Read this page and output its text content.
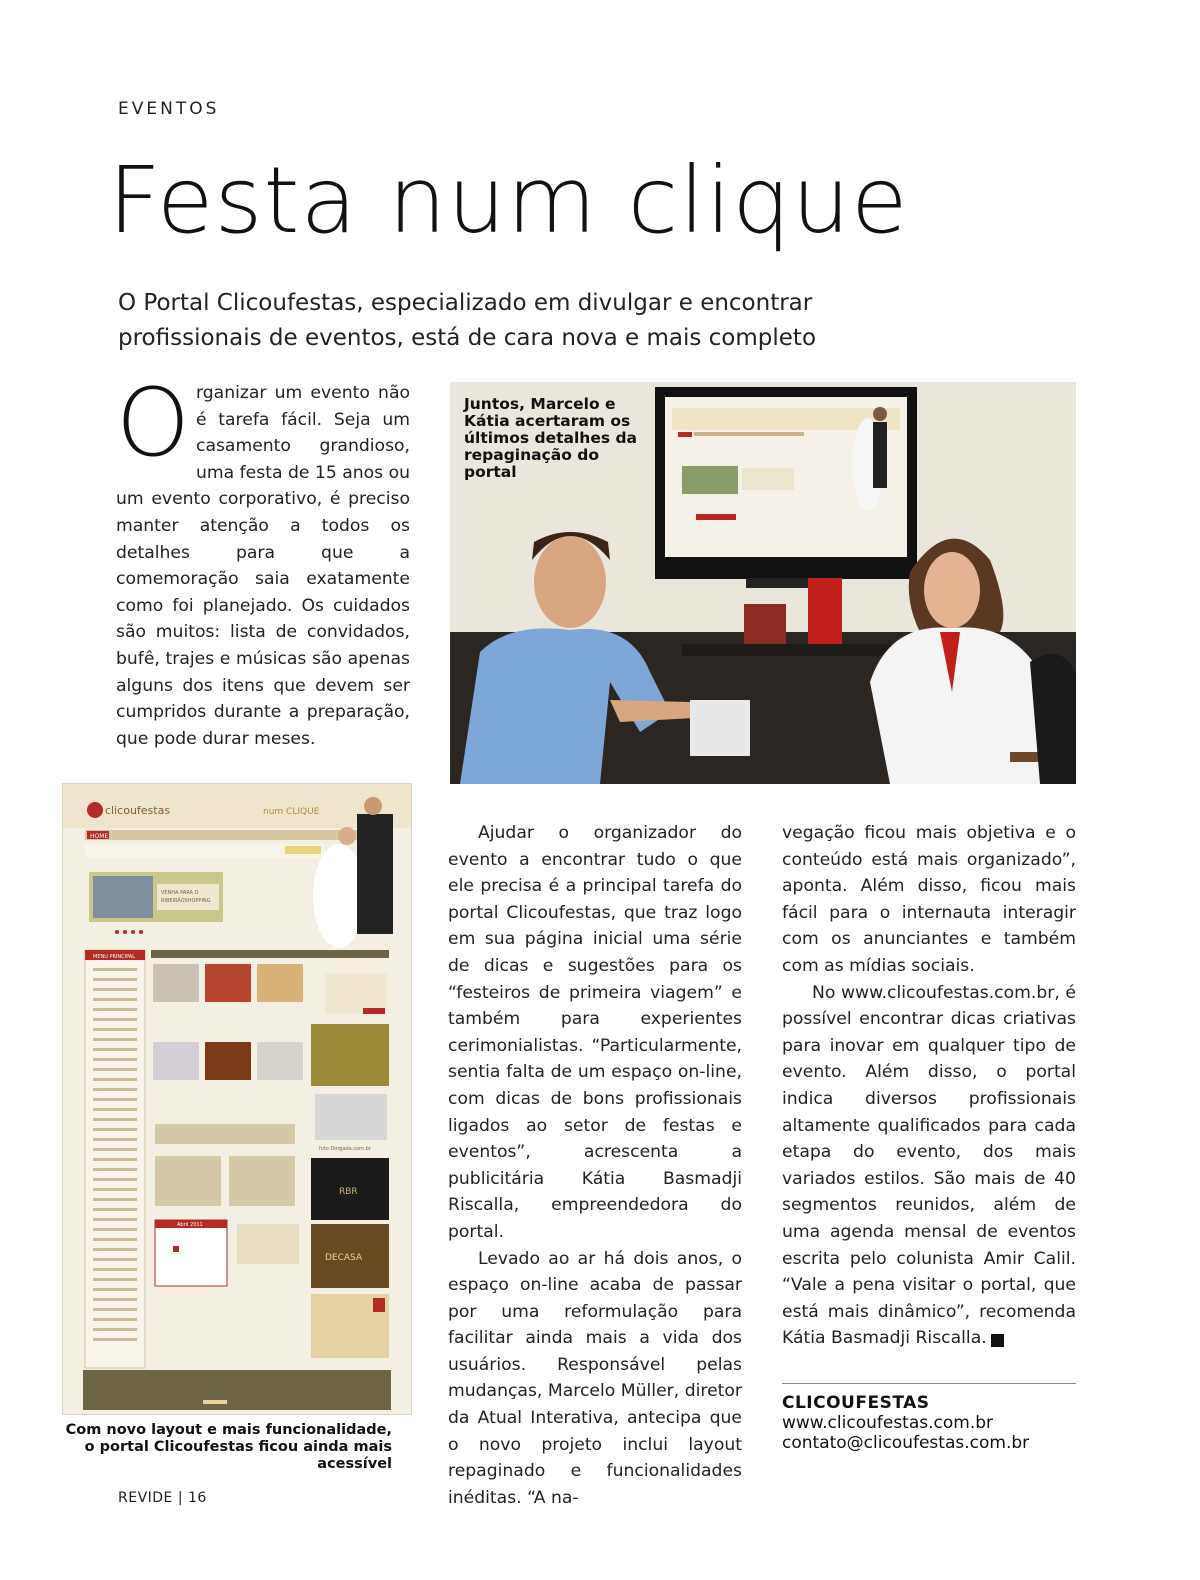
EVENTOS
Festa num clique
O Portal Clicoufestas, especializado em divulgar e encontrar profissionais de eventos, está de cara nova e mais completo
Organizar um evento não é tarefa fácil. Seja um casamento grandioso, uma festa de 15 anos ou um evento corporativo, é preciso manter atenção a todos os detalhes para que a comemoração saia exatamente como foi planejado. Os cuidados são muitos: lista de convidados, bufê, trajes e músicas são apenas alguns dos itens que devem ser cumpridos durante a preparação, que pode durar meses.
Juntos, Marcelo e Kátia acertaram os últimos detalhes da repaginação do portal
clicoufestas	num CLIQUE
HOME
VENHA PARA O
RIBEIRÃOSHOPPING
MENU PRINCIPAL
foto Dorgada.com.br
RBR
DECASA
Abril 2011
Com novo layout e mais funcionalidade, o portal Clicoufestas ficou ainda mais acessível

Ajudar o organizador do evento a encontrar tudo o que ele precisa é a principal tarefa do portal Clicoufestas, que traz logo em sua página inicial uma série de dicas e sugestões para os “festeiros de primeira viagem” e também para experientes cerimonialistas. “Particularmente, sentia falta de um espaço on-line, com dicas de bons profissionais ligados ao setor de festas e eventos”, acrescenta a publicitária Kátia Basmadji Riscalla, empreendedora do portal.

Levado ao ar há dois anos, o espaço on-line acaba de passar por uma reformulação para facilitar ainda mais a vida dos usuários. Responsável pelas mudanças, Marcelo Müller, diretor da Atual Interativa, antecipa que o novo projeto inclui layout repaginado e funcionalidades inéditas. “A na-

vegação ficou mais objetiva e o conteúdo está mais organizado”, aponta. Além disso, ficou mais fácil para o internauta interagir com os anunciantes e também com as mídias sociais.

No www.clicoufestas.com.br, é possível encontrar dicas criativas para inovar em qualquer tipo de evento. Além disso, o portal indica diversos profissionais altamente qualificados para cada etapa do evento, dos mais variados estilos. São mais de 40 segmentos reunidos, além de uma agenda mensal de eventos escrita pelo colunista Amir Calil. “Vale a pena visitar o portal, que está mais dinâmico”, recomenda Kátia Basmadji Riscalla.	r

CLICOUFESTAS
www.clicoufestas.com.br
contato@clicoufestas.com.br
REVIDE | 16
